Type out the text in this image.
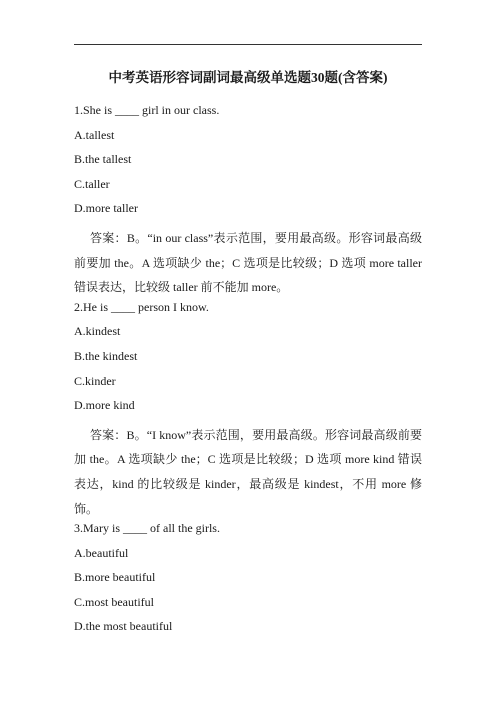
中考英语形容词副词最高级单选题30题(含答案)
1.She is ____ girl in our class.
A.tallest
B.the tallest
C.taller
D.more taller
答案：B。“in our class”表示范围，要用最高级。形容词最高级前要加 the。A 选项缺少 the；C 选项是比较级；D 选项 more taller 错误表达，比较级 taller 前不能加 more。
2.He is ____ person I know.
A.kindest
B.the kindest
C.kinder
D.more kind
答案：B。“I know”表示范围，要用最高级。形容词最高级前要加 the。A 选项缺少 the；C 选项是比较级；D 选项 more kind 错误表达，kind 的比较级是 kinder，最高级是 kindest，不用 more 修饰。
3.Mary is ____ of all the girls.
A.beautiful
B.more beautiful
C.most beautiful
D.the most beautiful
